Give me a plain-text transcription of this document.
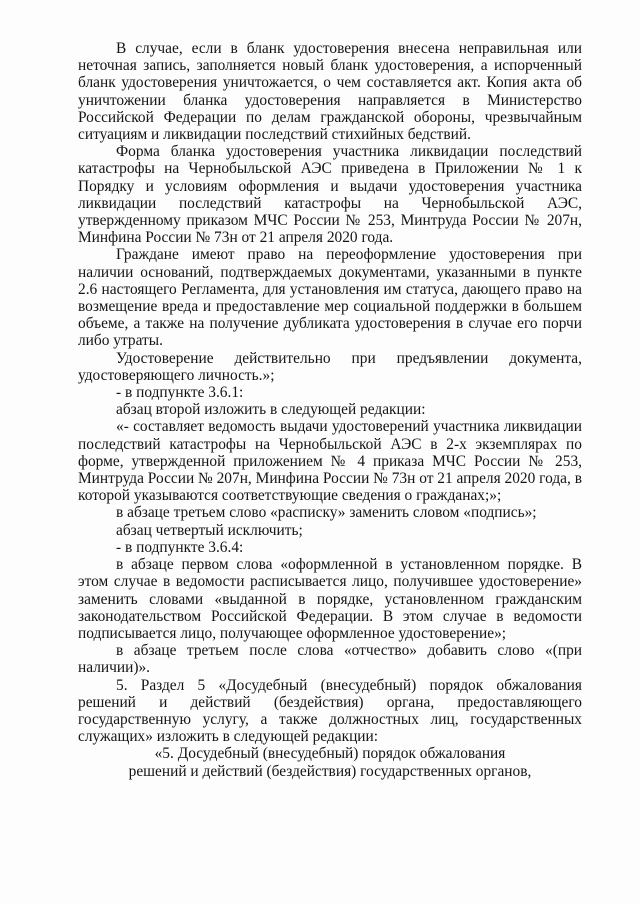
В случае, если в бланк удостоверения внесена неправильная или неточная запись, заполняется новый бланк удостоверения, а испорченный бланк удостоверения уничтожается, о чем составляется акт. Копия акта об уничтожении бланка удостоверения направляется в Министерство Российской Федерации по делам гражданской обороны, чрезвычайным ситуациям и ликвидации последствий стихийных бедствий.

Форма бланка удостоверения участника ликвидации последствий катастрофы на Чернобыльской АЭС приведена в Приложении № 1 к Порядку и условиям оформления и выдачи удостоверения участника ликвидации последствий катастрофы на Чернобыльской АЭС, утвержденному приказом МЧС России № 253, Минтруда России № 207н, Минфина России № 73н от 21 апреля 2020 года.

Граждане имеют право на переоформление удостоверения при наличии оснований, подтверждаемых документами, указанными в пункте 2.6 настоящего Регламента, для установления им статуса, дающего право на возмещение вреда и предоставление мер социальной поддержки в большем объеме, а также на получение дубликата удостоверения в случае его порчи либо утраты.

Удостоверение действительно при предъявлении документа, удостоверяющего личность.»;

- в подпункте 3.6.1:

абзац второй изложить в следующей редакции:

«- составляет ведомость выдачи удостоверений участника ликвидации последствий катастрофы на Чернобыльской АЭС в 2-х экземплярах по форме, утвержденной приложением № 4 приказа МЧС России № 253, Минтруда России № 207н, Минфина России № 73н от 21 апреля 2020 года, в которой указываются соответствующие сведения о гражданах;»;

в абзаце третьем слово «расписку» заменить словом «подпись»;

абзац четвертый исключить;

- в подпункте 3.6.4:

в абзаце первом слова «оформленной в установленном порядке. В этом случае в ведомости расписывается лицо, получившее удостоверение» заменить словами «выданной в порядке, установленном гражданским законодательством Российской Федерации. В этом случае в ведомости подписывается лицо, получающее оформленное удостоверение»;

в абзаце третьем после слова «отчество» добавить слово «(при наличии)».

5. Раздел 5 «Досудебный (внесудебный) порядок обжалования решений и действий (бездействия) органа, предоставляющего государственную услугу, а также должностных лиц, государственных служащих» изложить в следующей редакции:

«5. Досудебный (внесудебный) порядок обжалования

решений и действий (бездействия) государственных органов,
